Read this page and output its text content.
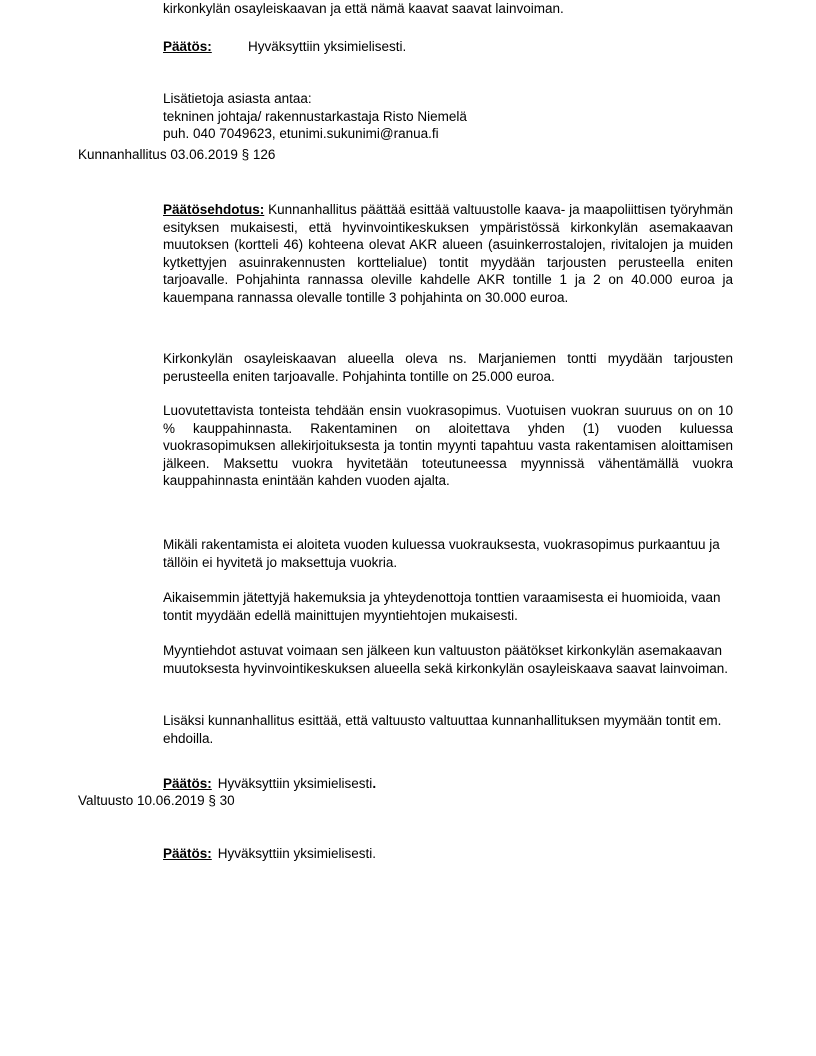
kirkonkylän osayleiskaavan ja että nämä kaavat saavat lainvoiman.

Päätös:	Hyväksyttiin yksimielisesti.

Lisätietoja asiasta antaa:

tekninen johtaja/ rakennustarkastaja Risto Niemelä

puh. 040 7049623, etunimi.sukunimi@ranua.fi

Kunnanhallitus 03.06.2019 § 126

Päätösehdotus: Kunnanhallitus päättää esittää valtuustolle kaava- ja maapoliittisen työryhmän esityksen mukaisesti, että hyvinvointikeskuksen ympäristössä kirkonkylän asemakaavan muutoksen (kortteli 46) kohteena olevat AKR alueen (asuinkerrostalojen, rivitalojen ja muiden kytkettyjen asuinrakennusten korttelialue) tontit myydään tarjousten perusteella eniten tarjoavalle. Pohjahinta rannassa oleville kahdelle AKR tontille 1 ja 2 on 40.000 euroa ja kauempana rannassa olevalle tontille 3 pohjahinta on 30.000 euroa.

Kirkonkylän osayleiskaavan alueella oleva ns. Marjaniemen tontti myydään tarjousten perusteella eniten tarjoavalle. Pohjahinta tontille on 25.000 euroa.

Luovutettavista tonteista tehdään ensin vuokrasopimus. Vuotuisen vuokran suuruus on on 10 % kauppahinnasta. Rakentaminen on aloitettava yhden (1) vuoden kuluessa vuokrasopimuksen allekirjoituksesta ja tontin myynti tapahtuu vasta rakentamisen aloittamisen jälkeen. Maksettu vuokra hyvitetään toteutuneessa myynnissä vähentämällä vuokra kauppahinnasta enintään kahden vuoden ajalta.

Mikäli rakentamista ei aloiteta vuoden kuluessa vuokrauksesta, vuokrasopimus purkaantuu ja tällöin ei hyvitetä jo maksettuja vuokria.

Aikaisemmin jätettyjä hakemuksia ja yhteydenottoja tonttien varaamisesta ei huomioida, vaan tontit myydään edellä mainittujen myyntiehtojen mukaisesti.

Myyntiehdot astuvat voimaan sen jälkeen kun valtuuston päätökset kirkonkylän asemakaavan muutoksesta hyvinvointikeskuksen alueella sekä kirkonkylän osayleiskaava saavat lainvoiman.

Lisäksi kunnanhallitus esittää, että valtuusto valtuuttaa kunnanhallituksen myymään tontit em. ehdoilla.

Päätös: Hyväksyttiin yksimielisesti.
Valtuusto 10.06.2019 § 30
Päätös: Hyväksyttiin yksimielisesti.
